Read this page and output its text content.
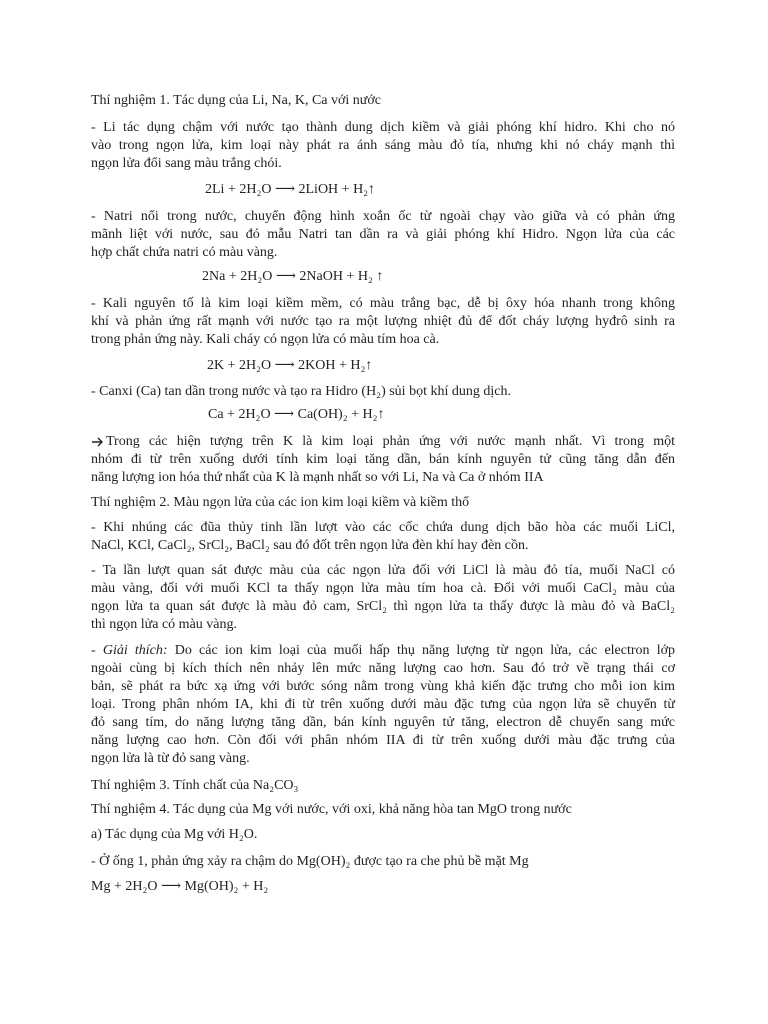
Thí nghiệm 1. Tác dụng của Li, Na, K, Ca với nước
- Li tác dụng chậm với nước tạo thành dung dịch kiềm và giải phóng khí hidro. Khi cho nó
vào trong ngọn lửa, kim loại này phát ra ánh sáng màu đỏ tía, nhưng khi nó cháy mạnh thì
ngọn lửa đổi sang màu trắng chói.
2Li + 2H₂O ⟶ 2LiOH + H₂↑
- Natri nổi trong nước, chuyển động hình xoắn ốc từ ngoài chạy vào giữa và có phản ứng
mãnh liệt với nước, sau đó mẫu Natri tan dần ra và giải phóng khí Hidro. Ngọn lửa của các
hợp chất chứa natri có màu vàng.
2Na + 2H₂O ⟶ 2NaOH + H₂ ↑
- Kali nguyên tố là kim loại kiềm mềm, có màu trắng bạc, dễ bị ôxy hóa nhanh trong không
khí và phản ứng rất mạnh với nước tạo ra một lượng nhiệt đủ để đốt cháy lượng hyđrô sinh ra
trong phản ứng này. Kali cháy có ngọn lửa có màu tím hoa cà.
2K + 2H₂O ⟶ 2KOH + H₂↑
- Canxi (Ca) tan dần trong nước và tạo ra Hidro (H₂) sủi bọt khí dung dịch.
Ca + 2H₂O ⟶ Ca(OH)₂ + H₂↑
Trong các hiện tượng trên K là kim loại phản ứng với nước mạnh nhất. Vì trong một
nhóm đi từ trên xuống dưới tính kim loại tăng dần, bán kính nguyên tử cũng tăng dẫn đến
năng lượng ion hóa thứ nhất của K là mạnh nhất so với Li, Na và Ca ở nhóm IIA
Thí nghiệm 2. Màu ngọn lửa của các ion kim loại kiềm và kiềm thổ
- Khi nhúng các đũa thủy tinh lần lượt vào các cốc chứa dung dịch bão hòa các muối LiCl,
NaCl, KCl, CaCl₂, SrCl₂, BaCl₂ sau đó đốt trên ngọn lửa đèn khí hay đèn cồn.
- Ta lần lượt quan sát được màu của các ngọn lửa đối với LiCl là màu đỏ tía, muối NaCl có
màu vàng, đối với muối KCl ta thấy ngọn lửa màu tím hoa cà. Đối với muối CaCl₂ màu của
ngọn lửa ta quan sát được là màu đỏ cam, SrCl₂ thì ngọn lửa ta thấy được là màu đỏ và BaCl₂
thì ngọn lửa có màu vàng.
- Giải thích: Do các ion kim loại của muối hấp thụ năng lượng từ ngọn lửa, các electron lớp
ngoài cùng bị kích thích nên nhảy lên mức năng lượng cao hơn. Sau đó trở về trạng thái cơ
bản, sẽ phát ra bức xạ ứng với bước sóng nằm trong vùng khả kiến đặc trưng cho mỗi ion kim
loại. Trong phân nhóm IA, khi đi từ trên xuống dưới màu đặc tưng của ngọn lửa sẽ chuyển từ
đỏ sang tím, do năng lượng tăng dần, bán kính nguyên tử tăng, electron dễ chuyển sang mức
năng lượng cao hơn. Còn đối với phân nhóm IIA đi từ trên xuống dưới màu đặc trưng của
ngọn lửa là từ đỏ sang vàng.
Thí nghiệm 3. Tính chất của Na₂CO₃
Thí nghiệm 4. Tác dụng của Mg với nước, với oxi, khả năng hòa tan MgO trong nước
a) Tác dụng của Mg với H₂O.
- Ở ống 1, phản ứng xảy ra chậm do Mg(OH)₂ được tạo ra che phủ bề mặt Mg
Mg + 2H₂O ⟶ Mg(OH)₂ + H₂
